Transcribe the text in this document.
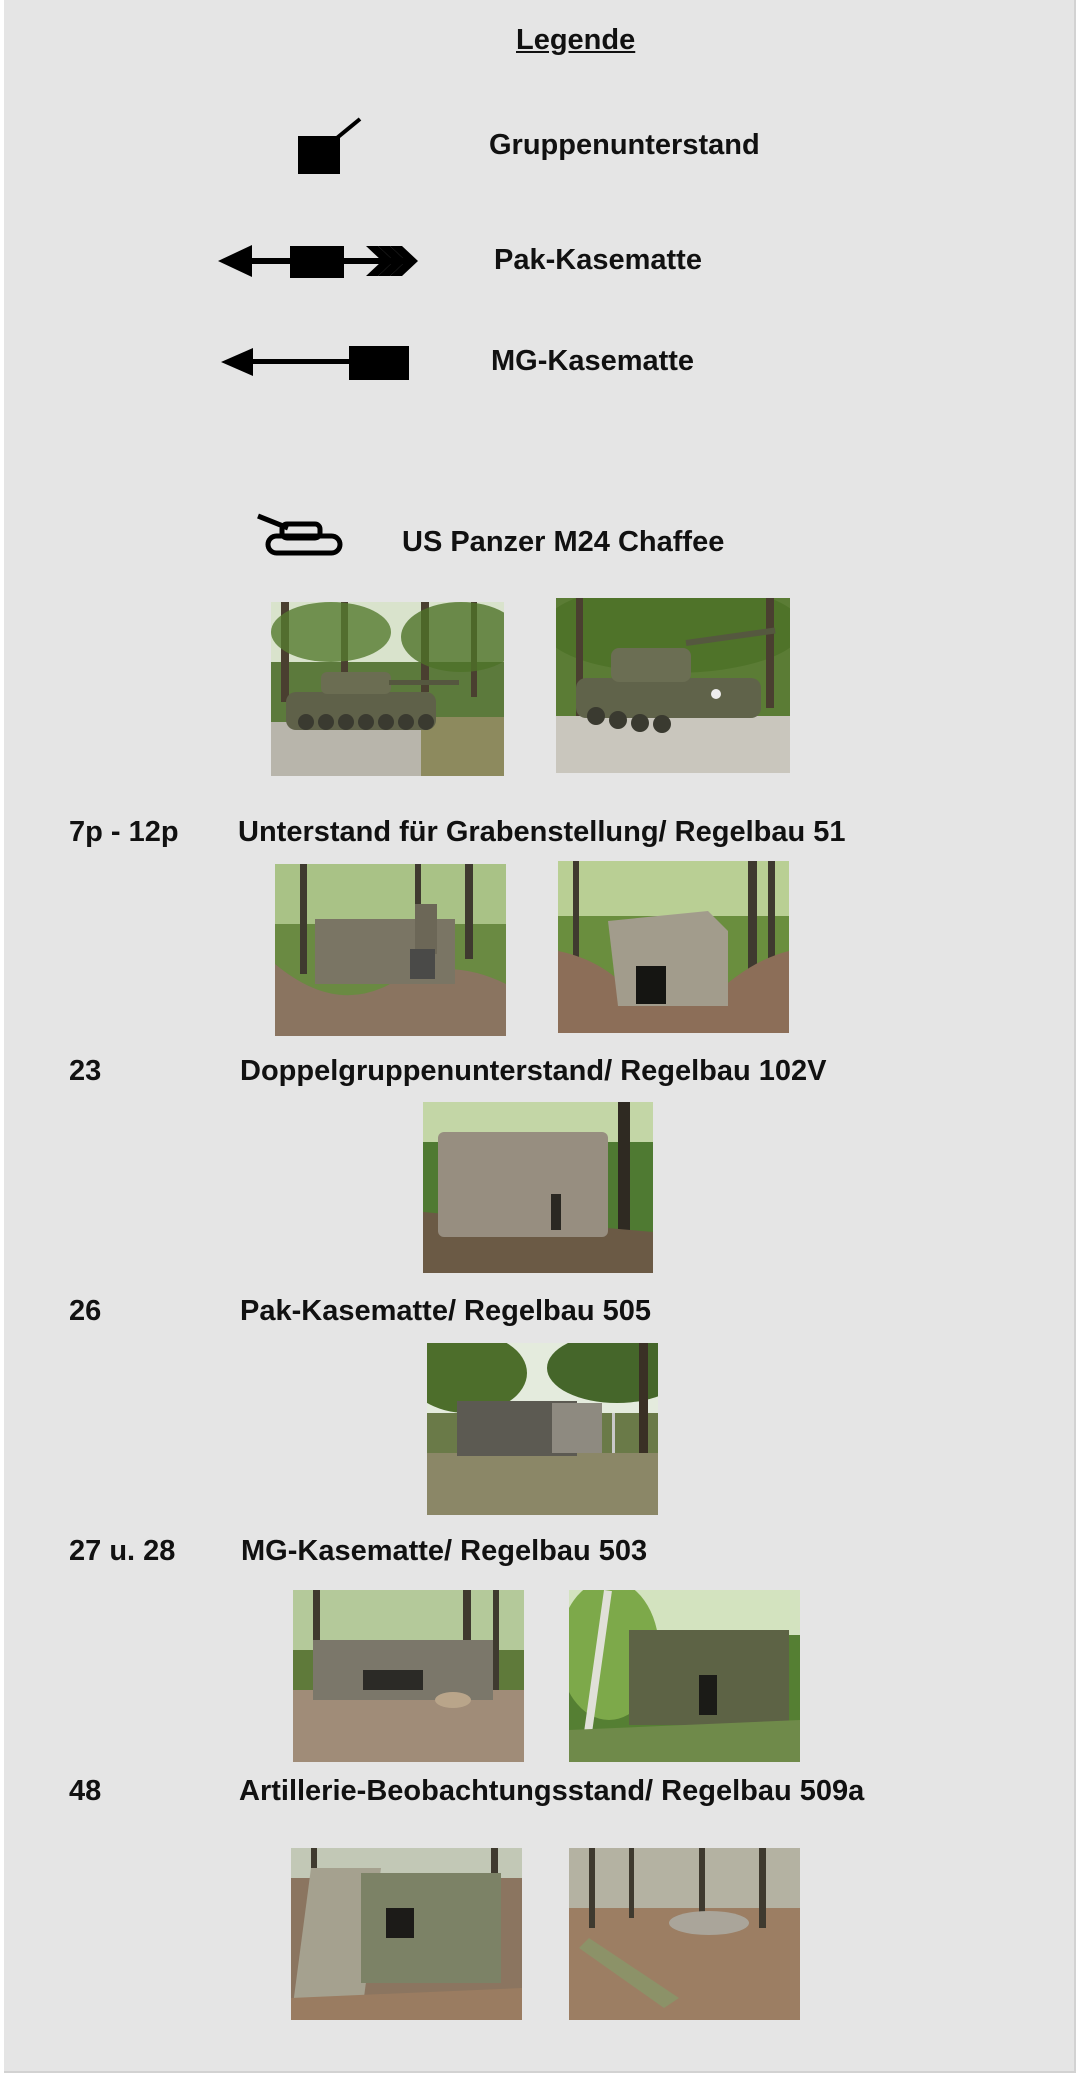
Legende
Gruppenunterstand
Pak-Kasematte
MG-Kasematte
US Panzer M24 Chaffee
7p - 12p Unterstand für Grabenstellung/ Regelbau 51
23	Doppelgruppenunterstand/ Regelbau 102V
26	Pak-Kasematte/ Regelbau 505
27 u. 28 MG-Kasematte/ Regelbau 503
48	Artillerie-Beobachtungsstand/ Regelbau 509a
